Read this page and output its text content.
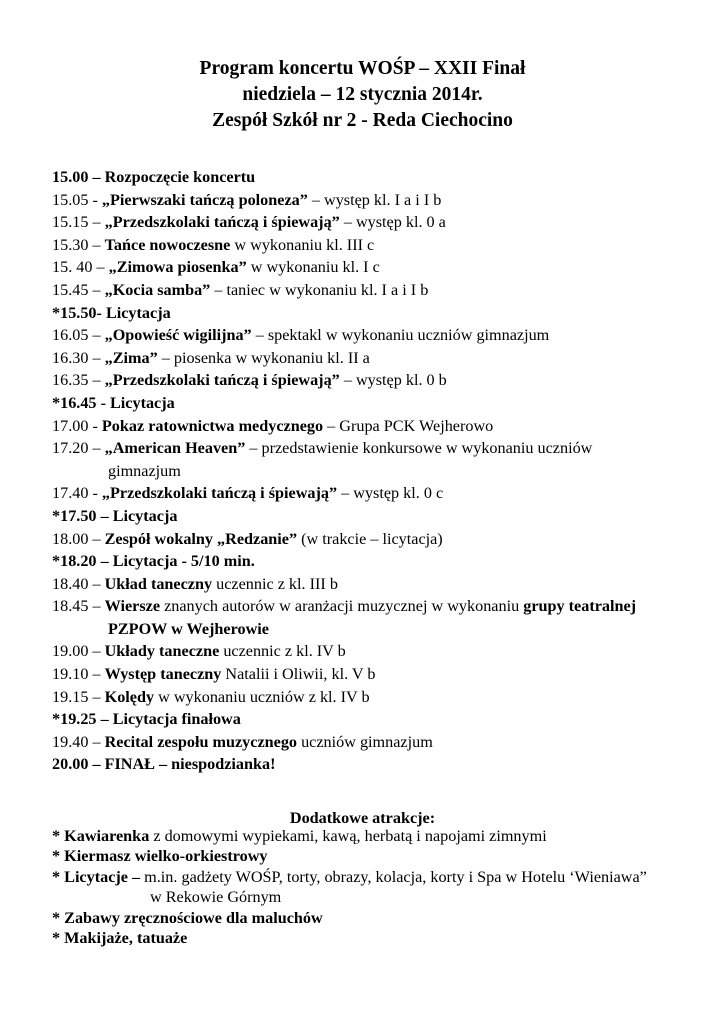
Program koncertu WOŚP – XXII Finał
niedziela – 12 stycznia 2014r.
Zespół Szkół nr 2 - Reda Ciechocino
15.00 – Rozpoczęcie koncertu
15.05 - „Pierwszaki tańczą poloneza” – występ kl. I a i I b
15.15 – „Przedszkolaki tańczą i śpiewają” – występ kl. 0 a
15.30 – Tańce nowoczesne w wykonaniu kl. III c
15. 40 – „Zimowa piosenka” w wykonaniu kl. I c
15.45 – „Kocia samba” – taniec w wykonaniu kl. I a i I b
*15.50- Licytacja
16.05 – „Opowieść wigilijna” – spektakl w wykonaniu uczniów gimnazjum
16.30 – „Zima” – piosenka w wykonaniu kl. II a
16.35 – „Przedszkolaki tańczą i śpiewają” – występ kl. 0 b
*16.45 - Licytacja
17.00 - Pokaz ratownictwa medycznego – Grupa PCK Wejherowo
17.20 – „American Heaven” – przedstawienie konkursowe w wykonaniu uczniów
gimnazjum
17.40 - „Przedszkolaki tańczą i śpiewają” – występ kl. 0 c
*17.50 – Licytacja
18.00 – Zespół wokalny „Redzanie” (w trakcie – licytacja)
*18.20 – Licytacja - 5/10 min.
18.40 – Układ taneczny uczennic z kl. III b
18.45 – Wiersze znanych autorów w aranżacji muzycznej w wykonaniu grupy teatralnej
PZPOW w Wejherowie
19.00 – Układy taneczne uczennic z kl. IV b
19.10 – Występ taneczny Natalii i Oliwii, kl. V b
19.15 – Kolędy w wykonaniu uczniów z kl. IV b
*19.25 – Licytacja finałowa
19.40 – Recital zespołu muzycznego uczniów gimnazjum
20.00 – FINAŁ – niespodzianka!
Dodatkowe atrakcje:
* Kawiarenka z domowymi wypiekami, kawą, herbatą i napojami zimnymi
* Kiermasz wielko-orkiestrowy
* Licytacje – m.in. gadżety WOŚP, torty, obrazy, kolacja, korty i Spa w Hotelu ‘Wieniawa”
w Rekowie Górnym
* Zabawy zręcznościowe dla maluchów
* Makijaże, tatuaże
